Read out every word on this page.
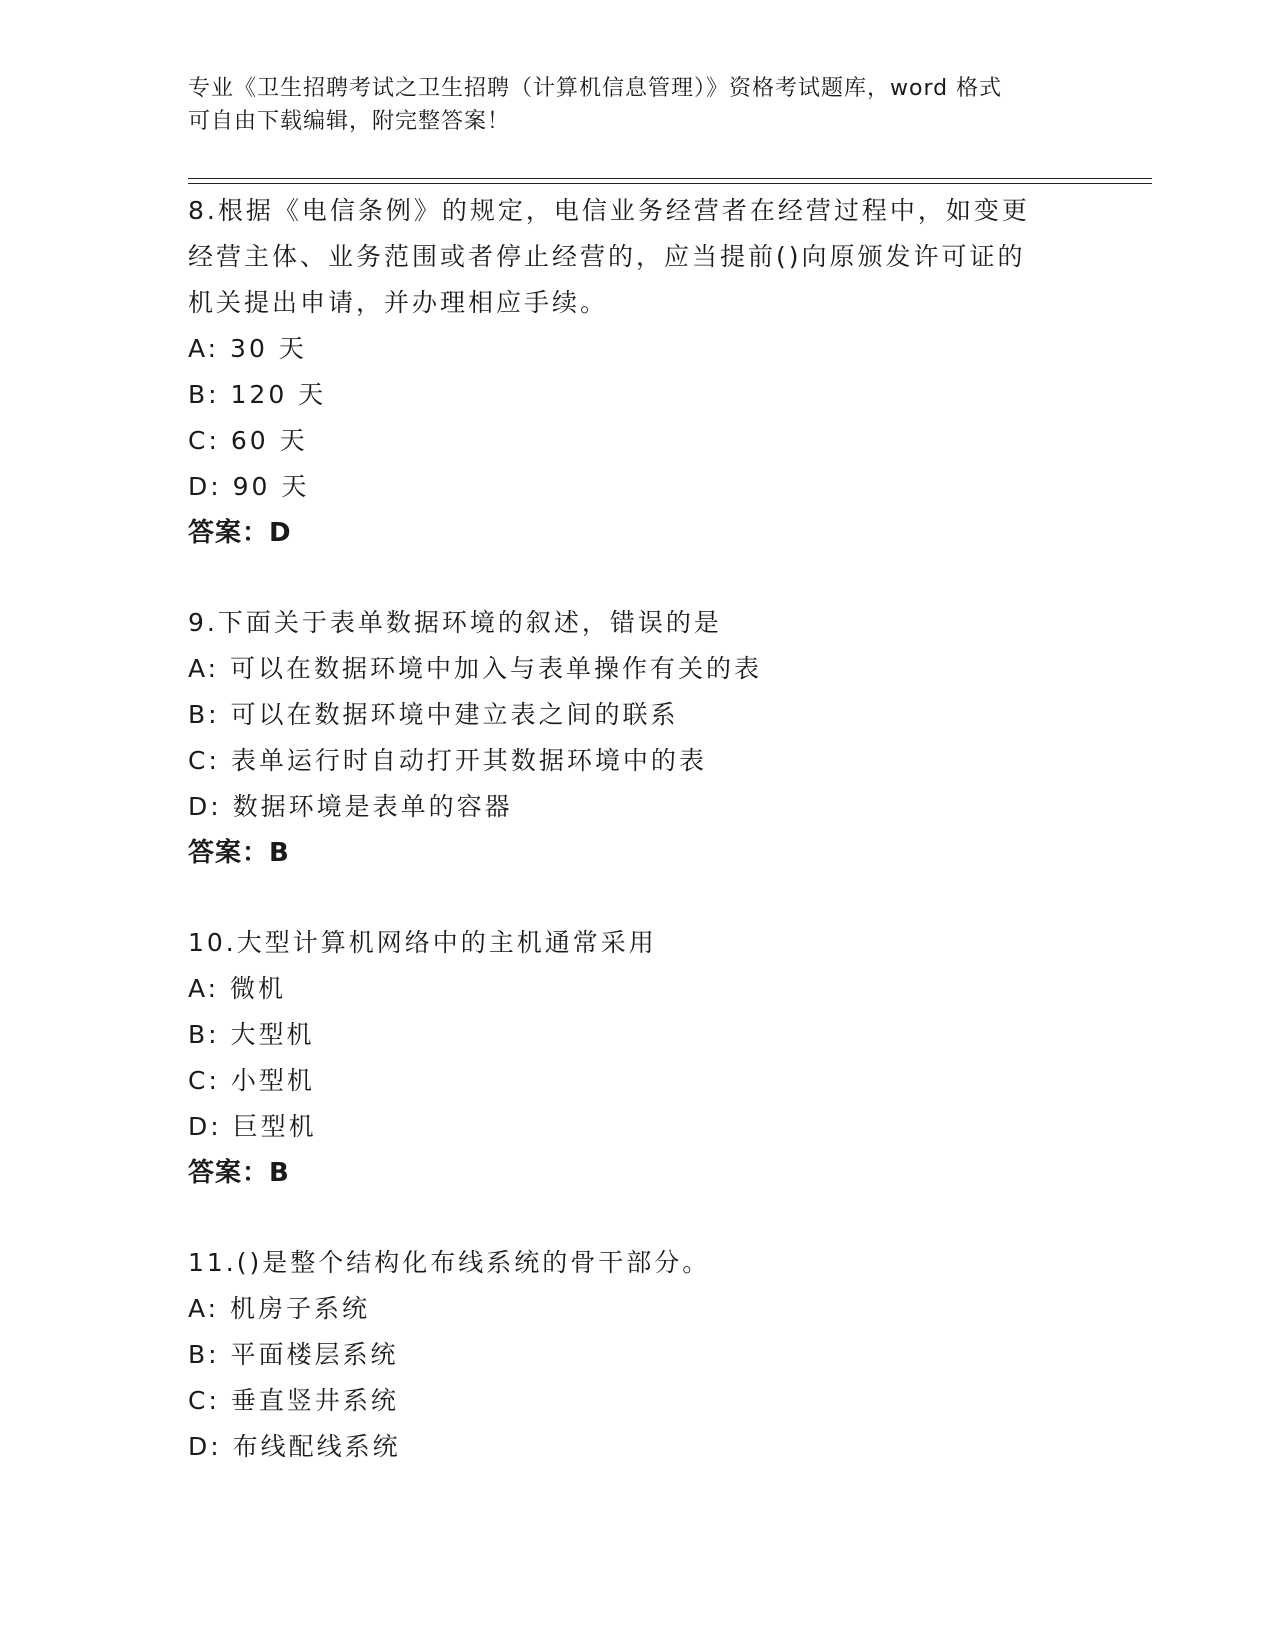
专业《卫生招聘考试之卫生招聘（计算机信息管理）》资格考试题库，word 格式

可自由下载编辑，附完整答案！

8.根据《电信条例》的规定，电信业务经营者在经营过程中，如变更

经营主体、业务范围或者停止经营的，应当提前()向原颁发许可证的

机关提出申请，并办理相应手续。

A: 30 天

B: 120 天

C: 60 天

D: 90 天

答案：D

9.下面关于表单数据环境的叙述，错误的是

A: 可以在数据环境中加入与表单操作有关的表

B: 可以在数据环境中建立表之间的联系

C: 表单运行时自动打开其数据环境中的表

D: 数据环境是表单的容器

答案：B

10.大型计算机网络中的主机通常采用

A: 微机

B: 大型机

C: 小型机

D: 巨型机

答案：B

11.()是整个结构化布线系统的骨干部分。

A: 机房子系统

B: 平面楼层系统

C: 垂直竖井系统

D: 布线配线系统
